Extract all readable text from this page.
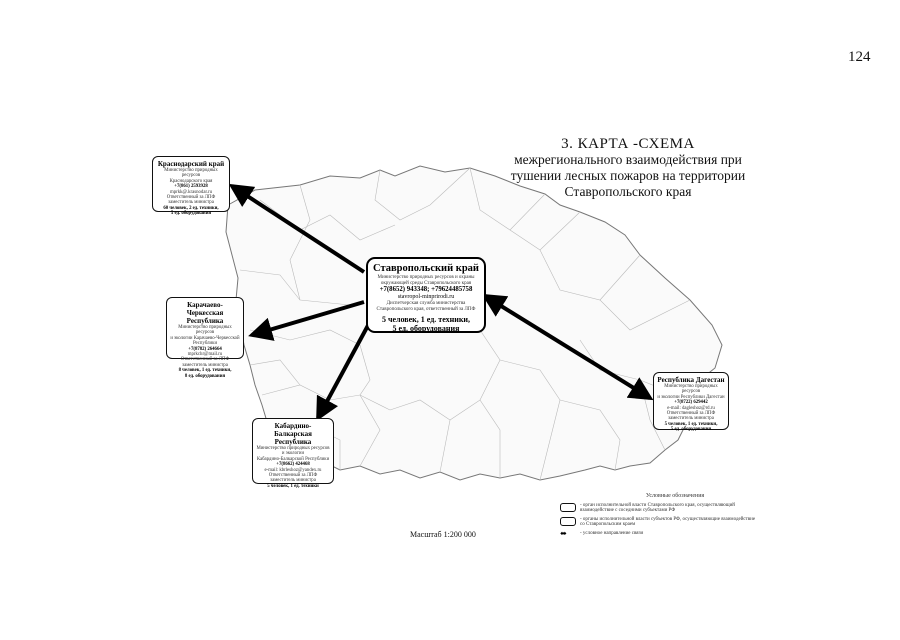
124
3. КАРТА -СХЕМА
межрегионального взаимодействия при
тушении лесных пожаров на территории
Ставропольского края
Ставропольский край
Министерство природных ресурсов и охраны
окружающей среды Ставропольского края
+7(8652) 943348; +79624485758
stavropol-minprirodi.ru
Диспетчерская служба министерства
Ставропольского края, ответственный за ЛПФ
5 человек, 1 ед. техники,
5 ед. оборудования
Краснодарский край
Министерство природных ресурсов
Краснодарского края
+7(861) 2593928
mprkk@.krasnodar.ru
Ответственный за ЛПФ
заместитель министра
60 человек, 2 ед. техники,
5 ед. оборудования
Карачаево-Черкесская Республика
Министерство природных ресурсов
и экологии Карачаево-Черкесской Республики
+7(8782) 264664
mprkchr@mail.ru
Ответственный за ЛПФ
заместитель министра
8 человек, 1 ед. техники,
8 ед. оборудования
Кабардино-Балкарская Республика
Министерство природных ресурсов и экологии
Кабардино-Балкарской Республики
+7(8662) 424468
e-mail: kbrleshoz@yandex.ru
Ответственный за ЛПФ
заместитель министра
5 человек, 1 ед. техники
Республика Дагестан
Министерство природных ресурсов
и экологии Республики Дагестан
+7(8722) 629442
e-mail: dagleshoz@rd.ru
Ответственный за ЛПФ
заместитель министра
5 человек, 1 ед. техники,
5 ед. оборудования
Масштаб 1:200 000
Условные обозначения
- орган исполнительной власти Ставропольского края, осуществляющий взаимодействие с соседними субъектами РФ
- органы исполнительной власти субъектов РФ, осуществляющие взаимодействие со Ставропольским краем
⬌	- условное направление связи
